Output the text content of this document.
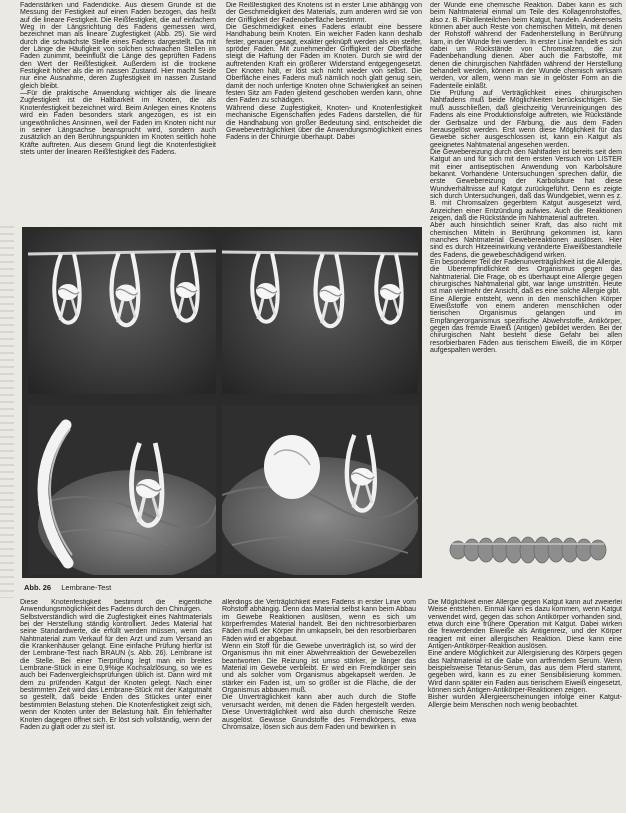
Fadenstärken und Fadendicke. Aus diesem Grunde ist die Messung der Festigkeit auf einen Faden bezogen, das heißt auf die lineare Festigkeit. Die Reißfestigkeit, die auf einfachem Weg in der Längsrichtung des Fadens gemessen wird, bezeichnet man als lineare Zugfestigkeit (Abb. 25). Sie wird durch die schwächste Stelle eines Fadens dargestellt. Da mit der Länge die Häufigkeit von solchen schwachen Stellen im Faden zunimmt, beeinflußt die Länge des geprüften Fadens den Wert der Reißfestigkeit. Außerdem ist die trockene Festigkeit höher als die im nassen Zustand. Hier macht Seide nur eine Ausnahme, deren Zugfestigkeit im nassen Zustand gleich bleibt.

—Für die praktische Anwendung wichtiger als die lineare Zugfestigkeit ist die Haltbarkeit im Knoten, die als Knotenfestigkeit bezeichnet wird. Beim Anlegen eines Knotens wird ein Faden besonders stark angezogen, es ist ein ungewöhnliches Ansinnen, weil der Faden im Knoten nicht nur in seiner Längsachse beansprucht wird, sondern auch zusätzlich an den Berührungspunkten im Knoten seitlich hohe Kräfte auftreten. Aus diesem Grund liegt die Knotenfestigkeit stets unter der linearen Reißfestigkeit des Fadens.

Die Reißfestigkeit des Knotens ist in erster Linie abhängig von der Geschmeidigkeit des Materials, zum anderen wird sie von der Griffigkeit der Fadenoberfläche bestimmt.

Die Geschmeidigkeit eines Fadens erlaubt eine bessere Handhabung beim Knoten. Ein weicher Faden kann deshalb fester, genauer gesagt, exakter geknüpft werden als ein steifer, spröder Faden. Mit zunehmender Griffigkeit der Oberfläche steigt die Haftung der Fäden im Knoten. Durch sie wird der auftretenden Kraft ein größerer Widerstand entgegengesetzt. Der Knoten hält, er löst sich nicht wieder von selbst. Die Oberfläche eines Fadens muß nämlich noch glatt genug sein, damit der noch unfertige Knoten ohne Schwierigkeit an seinen festen Sitz am Faden gleitend geschoben werden kann, ohne den Faden zu schädigen.

Während diese Zugfestigkeit, Knoten- und Knotenfestigkeit mechanische Eigenschaften jedes Fadens darstellen, die für die Handhabung von großer Bedeutung sind, entscheidet die Gewebeverträglichkeit über die Anwendungsmöglichkeit eines Fadens in der Chirurgie überhaupt. Dabei

der Wunde eine chemische Reaktion. Dabei kann es sich beim Nahtmaterial einmal um Teile des Kollagenrohstoffes, also z. B. Fibrillenteilchen beim Katgut, handeln. Andererseits können aber auch Reste von chemischen Mitteln, mit denen der Rohstoff während der Fadenherstellung in Berührung kam, in der Wunde frei werden. In erster Linie handelt es sich dabei um Rückstände von Chromsalzen, die zur Fadenbehandlung dienen. Aber auch die Farbstoffe, mit denen die chirurgischen Nahtfäden während der Herstellung behandelt werden, können in der Wunde chemisch wirksam werden, vor allem, wenn man sie in gelöster Form an die Fadenteile einläßt.

Die Prüfung auf Verträglichkeit eines chirurgischen Nahtfadens muß beide Möglichkeiten berücksichtigen. Sie muß ausschließen, daß gleichzeitig Verunreinigungen des Fadens als eine Produktionsfolge auftreten, wie Rückstände der Gerbsalze und der Färbung, die aus dem Faden herausgelöst werden. Erst wenn diese Möglichkeit für das Gewebe sicher ausgeschlossen ist, kann ein Katgut als geeignetes Nahtmaterial angesehen werden.

Die Gewebereizung durch den Nahtfaden ist bereits seit dem Katgut an und für sich mit dem ersten Versuch von LISTER mit einer antiseptischen Anwendung von Karbolsäure bekannt. Vorhandene Untersuchungen sprechen dafür, die erste Gewebereizung der Karbolsäure hat diese Wundverhältnisse auf Katgut zurückgeführt. Denn es zeigte sich durch Untersuchungen, daß das Wundgebiet, wenn es z. B. mit Chromsalzen gegerbtem Katgut ausgesetzt wird, Anzeichen einer Entzündung aufwies. Auch die Reaktionen zeigen, daß die Rückstände im Nahtmaterial auftreten.

Aber auch hinsichtlich seiner Kraft, das also nicht mit chemischen Mitteln in Berührung gekommen ist, kann manches Nahtmaterial Gewebereaktionen auslösen. Hier sind es durch Hitzeeinwirkung veränderte Eiweißbestandteile des Fadens, die gewebeschädigend wirken.

Ein besonderer Teil der Fadenunverträglichkeit ist die Allergie, die Überempfindlichkeit des Organismus gegen das Nahtmaterial. Die Frage, ob es überhaupt eine Allergie gegen chirurgisches Nahtmaterial gibt, war lange umstritten. Heute ist man vielmehr der Ansicht, daß es eine solche Allergie gibt.

Eine Allergie entsteht, wenn in den menschlichen Körper Eiweißstoffe von einem anderen menschlichen oder tierischen Organismus gelangen und im Empfängerorganismus spezifische Abwehrstoffe, Antikörper, gegen das fremde Eiweiß (Antigen) gebildet werden. Bei der chirurgischen Naht besteht diese Gefahr bei allen resorbierbaren Fäden aus tierischem Eiweiß, die im Körper aufgespalten werden.

Abb. 26 Lembrane-Test

Diese Knotenfestigkeit bestimmt die eigentliche Anwendungsmöglichkeit des Fadens durch den Chirurgen.

Selbstverständlich wird die Zugfestigkeit eines Nahtmaterials bei der Herstellung ständig kontrolliert. Jedes Material hat seine Standardwerte, die erfüllt werden müssen, wenn das Nahtmaterial zum Verkauf für den Arzt und zum Versand an die Krankenhäuser gelangt. Eine einfache Prüfung hierfür ist der Lembrane-Test nach BRAUN (s. Abb. 26). Lembrane ist die Stelle. Bei einer Tierprüfung legt man ein breites Lembrane-Stück in eine 0,9%ige Kochsalzlösung, so wie es auch bei Fadenvergleichsprüfungen üblich ist. Dann wird mit dem zu prüfenden Katgut der Knoten gelegt. Nach einer bestimmten Zeit wird das Lembrane-Stück mit der Katgutnaht so gestellt, daß beide Enden des Stückes unter einer bestimmten Belastung stehen. Die Knotenfestigkeit zeigt sich, wenn der Knoten unter der Belastung hält. Ein fehlerhafter Knoten dagegen öffnet sich. Er löst sich vollständig, wenn der Faden zu glatt oder zu steif ist.

allerdings die Verträglichkeit eines Fadens in erster Linie vom Rohstoff abhängig. Denn das Material selbst kann beim Abbau im Gewebe Reaktionen auslösen, wenn es sich um körperfremdes Material handelt. Bei den nichtresorbierbaren Fäden muß der Körper ihn umkapseln, bei den resorbierbaren Fäden wird er abgebaut.

Wenn ein Stoff für die Gewebe unverträglich ist, so wird der Organismus ihn mit einer Abwehrreaktion der Gewebezellen beantworten. Die Reizung ist umso stärker, je länger das Material im Gewebe verbleibt. Er wird ein Fremdkörper sein und als solcher vom Organismus abgekapselt werden. Je stärker ein Faden ist, um so größer ist die Fläche, die der Organismus abbauen muß.

Die Unverträglichkeit kann aber auch durch die Stoffe verursacht werden, mit denen die Fäden hergestellt werden. Diese Unverträglichkeit wird also durch chemische Reize ausgelöst. Gewisse Grundstoffe des Fremdkörpers, etwa Chromsalze, lösen sich aus dem Faden und bewirken in

Die Möglichkeit einer Allergie gegen Katgut kann auf zweierlei Weise entstehen. Einmal kann es dazu kommen, wenn Katgut verwendet wird, gegen das schon Antikörper vorhanden sind, etwa durch eine frühere Operation mit Katgut. Dabei wirken die freiwerdenden Eiweiße als Antigenreiz, und der Körper reagiert mit einer allergischen Reaktion. Diese kann eine Antigen-Antikörper-Reaktion auslösen.

Eine andere Möglichkeit zur Allergisierung des Körpers gegen das Nahtmaterial ist die Gabe von artfremdem Serum. Wenn beispielsweise Tetanus-Serum, das aus dem Pferd stammt, gegeben wird, kann es zu einer Sensibilisierung kommen. Wird dann später ein Faden aus tierischem Eiweiß eingesetzt, können sich Antigen-Antikörper-Reaktionen zeigen.

Bisher wurden Allergieerscheinungen infolge einer Katgut-Allergie beim Menschen noch wenig beobachtet.
